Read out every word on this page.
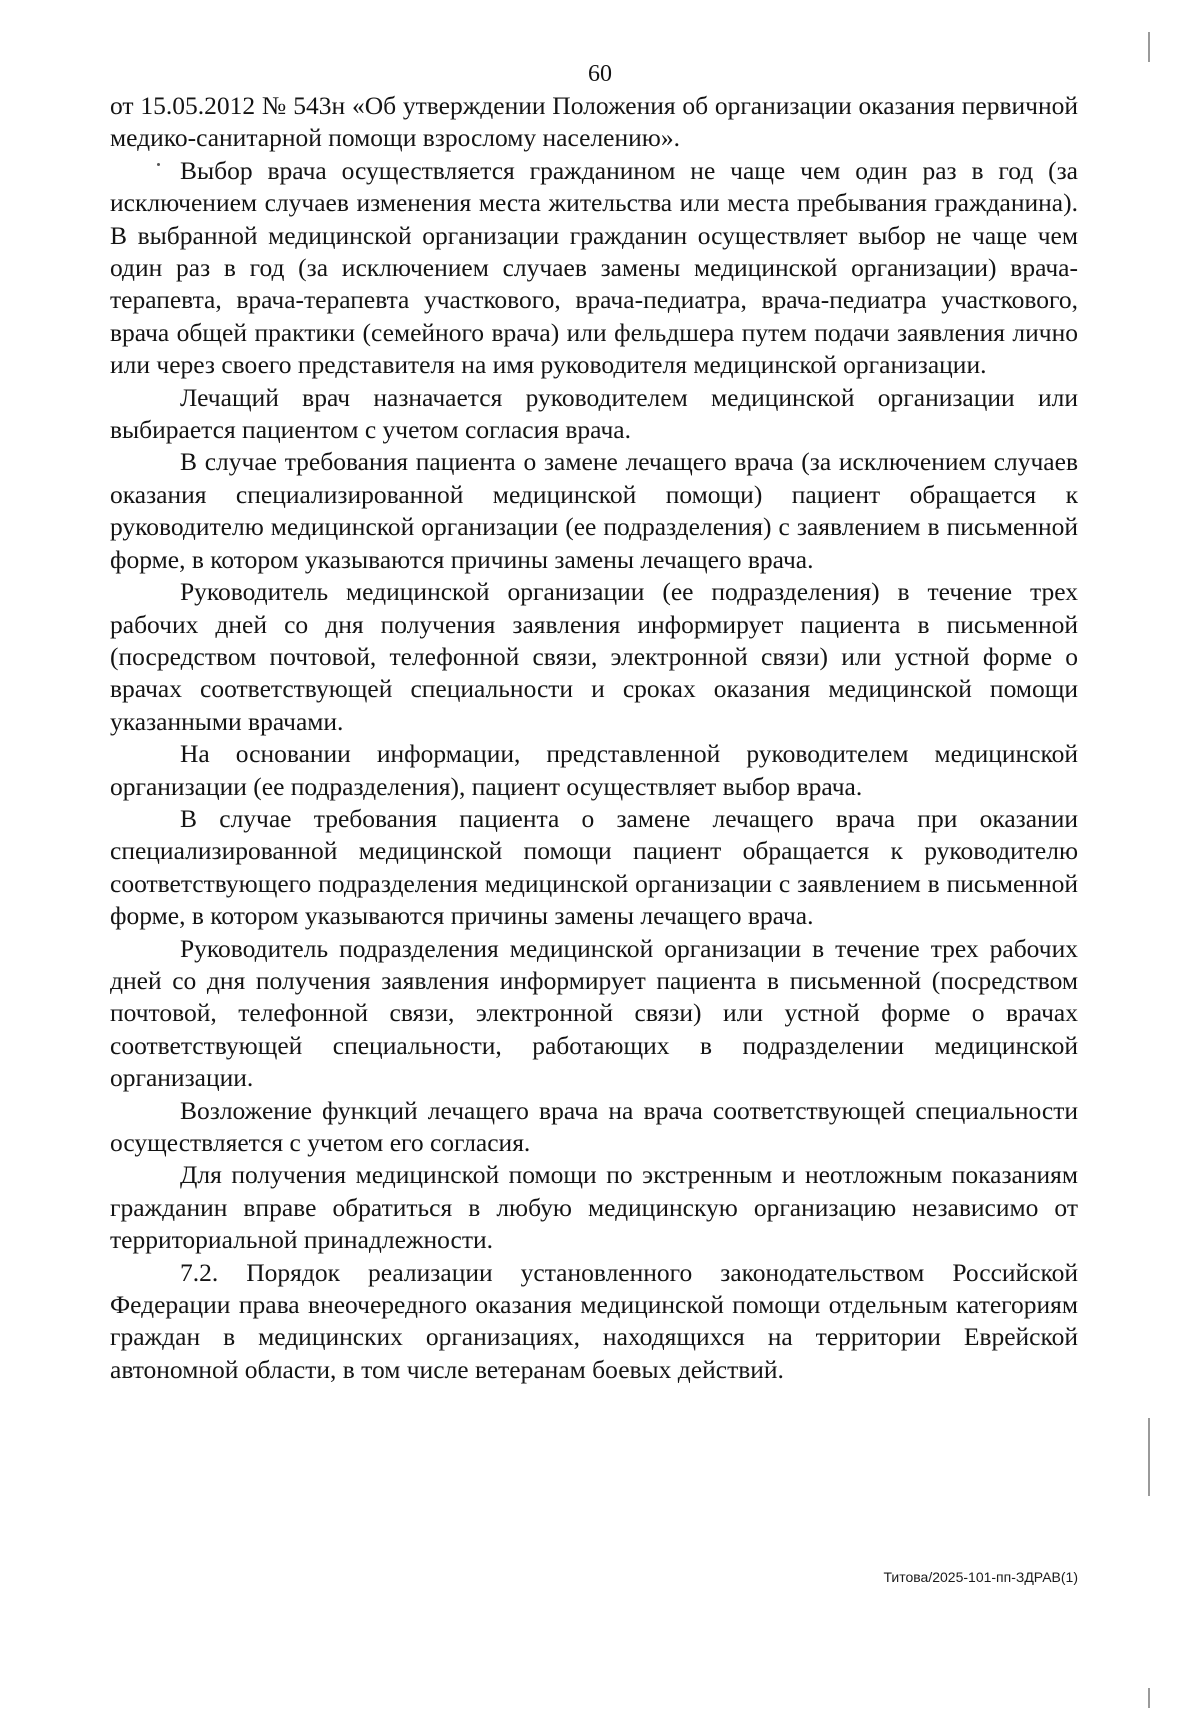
60

от 15.05.2012 № 543н «Об утверждении Положения об организации оказания первичной медико-санитарной помощи взрослому населению».

Выбор врача осуществляется гражданином не чаще чем один раз в год (за исключением случаев изменения места жительства или места пребывания гражданина). В выбранной медицинской организации гражданин осуществляет выбор не чаще чем один раз в год (за исключением случаев замены медицинской организации) врача-терапевта, врача-терапевта участкового, врача-педиатра, врача-педиатра участкового, врача общей практики (семейного врача) или фельдшера путем подачи заявления лично или через своего представителя на имя руководителя медицинской организации.

Лечащий врач назначается руководителем медицинской организации или выбирается пациентом с учетом согласия врача.

В случае требования пациента о замене лечащего врача (за исключением случаев оказания специализированной медицинской помощи) пациент обращается к руководителю медицинской организации (ее подразделения) с заявлением в письменной форме, в котором указываются причины замены лечащего врача.

Руководитель медицинской организации (ее подразделения) в течение трех рабочих дней со дня получения заявления информирует пациента в письменной (посредством почтовой, телефонной связи, электронной связи) или устной форме о врачах соответствующей специальности и сроках оказания медицинской помощи указанными врачами.

На основании информации, представленной руководителем медицинской организации (ее подразделения), пациент осуществляет выбор врача.

В случае требования пациента о замене лечащего врача при оказании специализированной медицинской помощи пациент обращается к руководителю соответствующего подразделения медицинской организации с заявлением в письменной форме, в котором указываются причины замены лечащего врача.

Руководитель подразделения медицинской организации в течение трех рабочих дней со дня получения заявления информирует пациента в письменной (посредством почтовой, телефонной связи, электронной связи) или устной форме о врачах соответствующей специальности, работающих в подразделении медицинской организации.

Возложение функций лечащего врача на врача соответствующей специальности осуществляется с учетом его согласия.

Для получения медицинской помощи по экстренным и неотложным показаниям гражданин вправе обратиться в любую медицинскую организацию независимо от территориальной принадлежности.

7.2. Порядок реализации установленного законодательством Российской Федерации права внеочередного оказания медицинской помощи отдельным категориям граждан в медицинских организациях, находящихся на территории Еврейской автономной области, в том числе ветеранам боевых действий.

Титова/2025-101-пп-ЗДРАВ(1)
